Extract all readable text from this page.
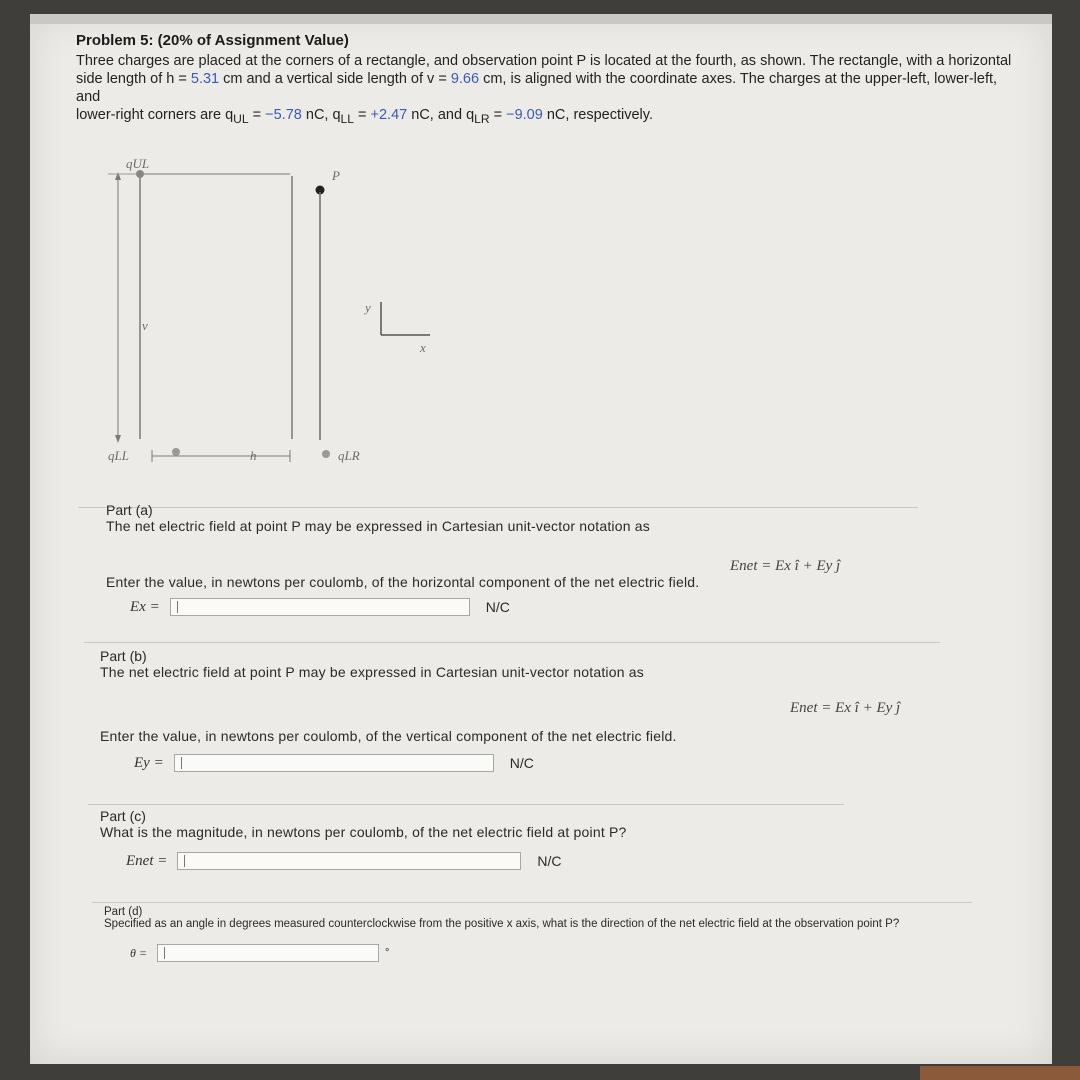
Problem 5: (20% of Assignment Value)
Three charges are placed at the corners of a rectangle, and observation point P is located at the fourth, as shown. The rectangle, with a horizontal
side length of h = 5.31 cm and a vertical side length of v = 9.66 cm, is aligned with the coordinate axes. The charges at the upper-left, lower-left, and
lower-right corners are $q_{UL} = -5.78$ nC, $q_{LL} = +2.47$ nC, and $q_{LR} = -9.09$ nC, respectively.
qUL
P
v
y
x
qLL	h	qLR
Part (a)
The net electric field at point P may be expressed in Cartesian unit-vector notation as
Enet = Ex î + Ey ĵ
Enter the value, in newtons per coulomb, of the horizontal component of the net electric field.
Ex =	N/C
Part (b)
The net electric field at point P may be expressed in Cartesian unit-vector notation as
Enet = Ex î + Ey ĵ
Enter the value, in newtons per coulomb, of the vertical component of the net electric field.
Ey =	N/C
Part (c)
What is the magnitude, in newtons per coulomb, of the net electric field at point P?
Enet =	N/C
Part (d)
Specified as an angle in degrees measured counterclockwise from the positive x axis, what is the direction of the net electric field at the observation point P?
θ =	°
